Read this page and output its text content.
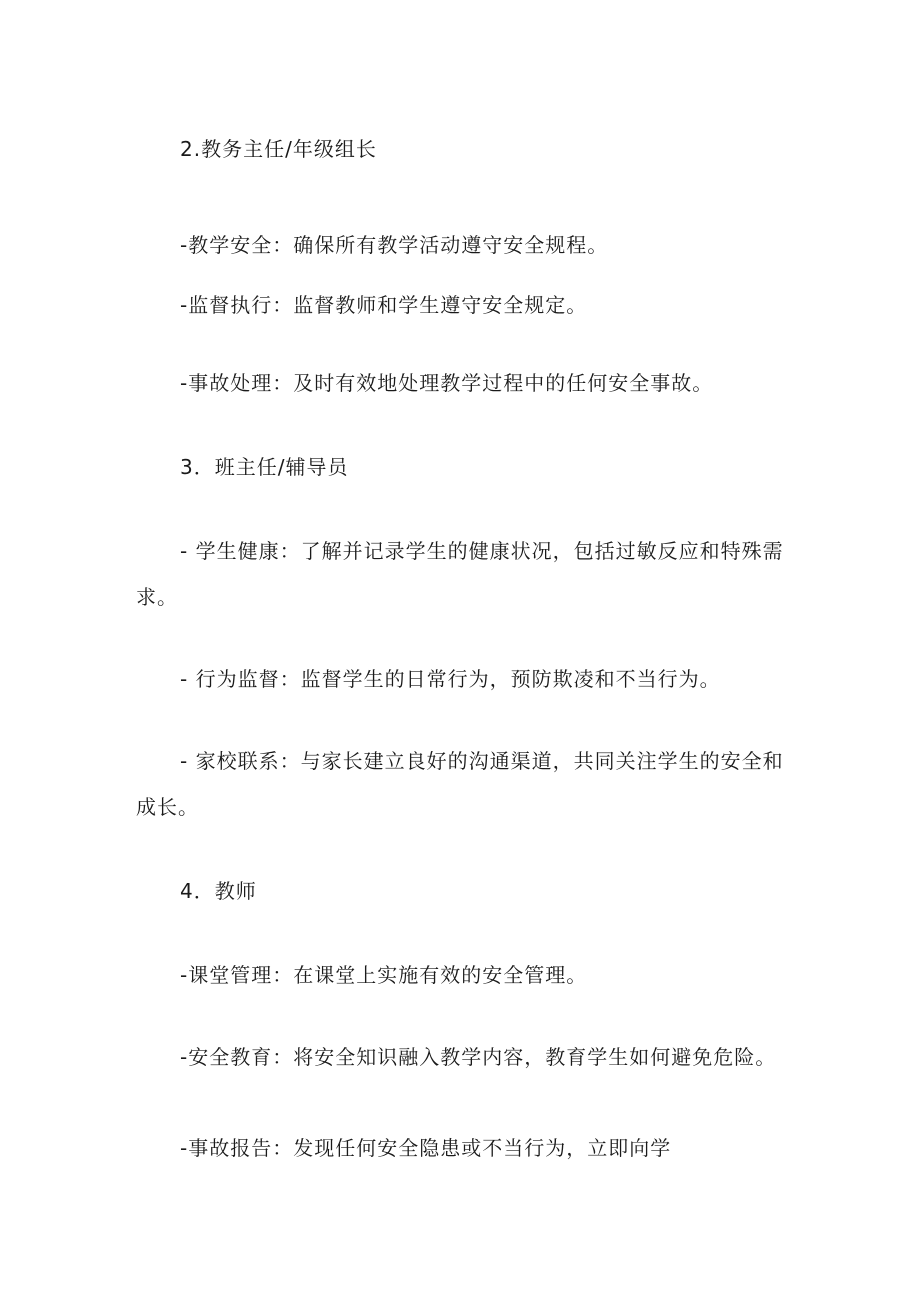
2.教务主任/年级组长
-教学安全：确保所有教学活动遵守安全规程。
-监督执行：监督教师和学生遵守安全规定。
-事故处理：及时有效地处理教学过程中的任何安全事故。
3．班主任/辅导员
- 学生健康：了解并记录学生的健康状况，包括过敏反应和特殊需求。
- 行为监督：监督学生的日常行为，预防欺凌和不当行为。
- 家校联系：与家长建立良好的沟通渠道，共同关注学生的安全和成长。
4．教师
-课堂管理：在课堂上实施有效的安全管理。
-安全教育：将安全知识融入教学内容，教育学生如何避免危险。
-事故报告：发现任何安全隐患或不当行为，立即向学
